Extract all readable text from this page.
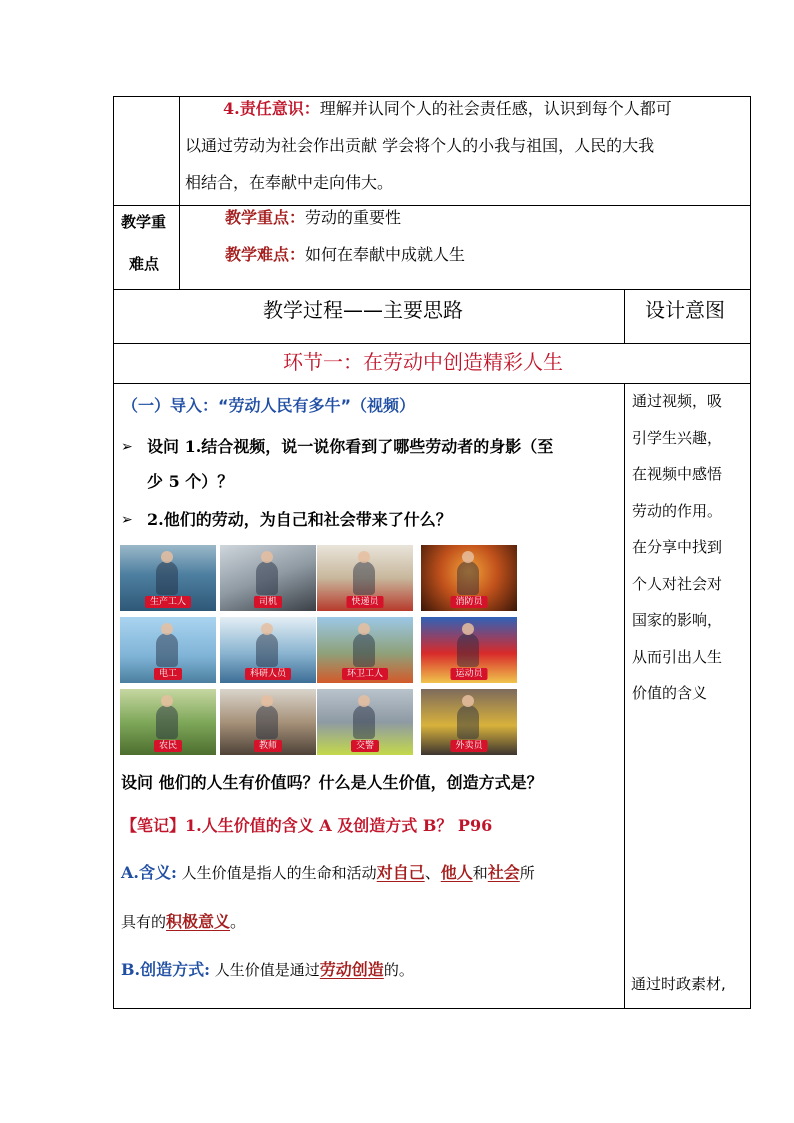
4.责任意识：理解并认同个人的社会责任感，认识到每个人都可
以通过劳动为社会作出贡献 学会将个人的小我与祖国，人民的大我
相结合，在奉献中走向伟大。
教学重
难点
教学重点：劳动的重要性
教学难点：如何在奉献中成就人生
教学过程——主要思路	设计意图
环节一：在劳动中创造精彩人生
（一）导入：“劳动人民有多牛”（视频）
➢ 设问 1.结合视频，说一说你看到了哪些劳动者的身影（至
少 5 个）？
➢ 2.他们的劳动，为自己和社会带来了什么？
生产工人	司机	快递员	消防员
电工	科研人员	环卫工人	运动员
农民	教师	交警	外卖员
设问 他们的人生有价值吗？什么是人生价值，创造方式是？
【笔记】1.人生价值的含义 A 及创造方式 B？ P96
A.含义: 人生价值是指人的生命和活动对自己、他人和社会所
具有的积极意义。
B.创造方式: 人生价值是通过劳动创造的。
通过视频，吸
引学生兴趣，
在视频中感悟
劳动的作用。
在分享中找到
个人对社会对
国家的影响，
从而引出人生
价值的含义
通过时政素材,
